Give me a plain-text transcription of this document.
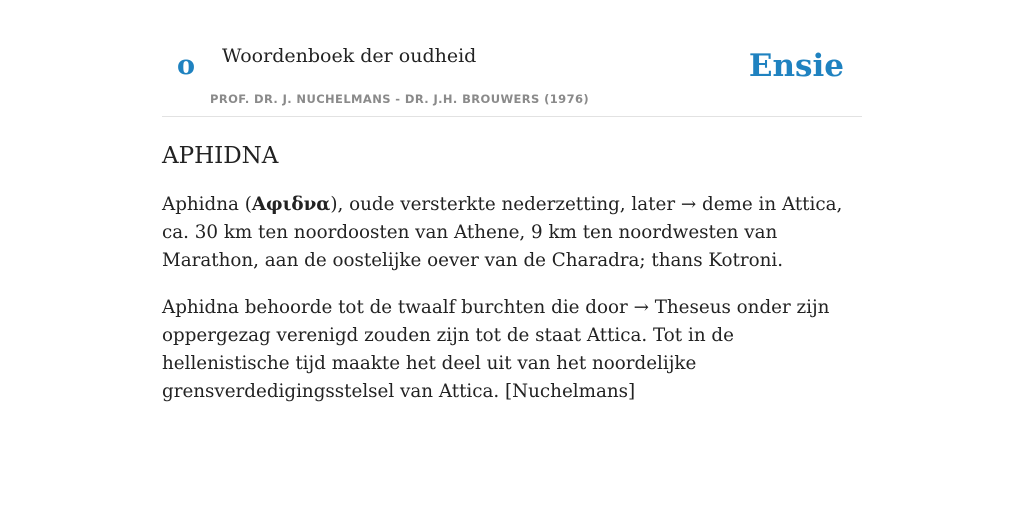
o Woordenboek der oudheid
PROF. DR. J. NUCHELMANS - DR. J.H. BROUWERS (1976)
Ensie
APHIDNA

Aphidna (Αφιδνα), oude versterkte nederzetting, later → deme in Attica, ca. 30 km ten noordoosten van Athene, 9 km ten noordwesten van Marathon, aan de oostelijke oever van de Charadra; thans Kotroni.

Aphidna behoorde tot de twaalf burchten die door → Theseus onder zijn oppergezag verenigd zouden zijn tot de staat Attica. Tot in de hellenistische tijd maakte het deel uit van het noordelijke grensverdedigingsstelsel van Attica. [Nuchelmans]
